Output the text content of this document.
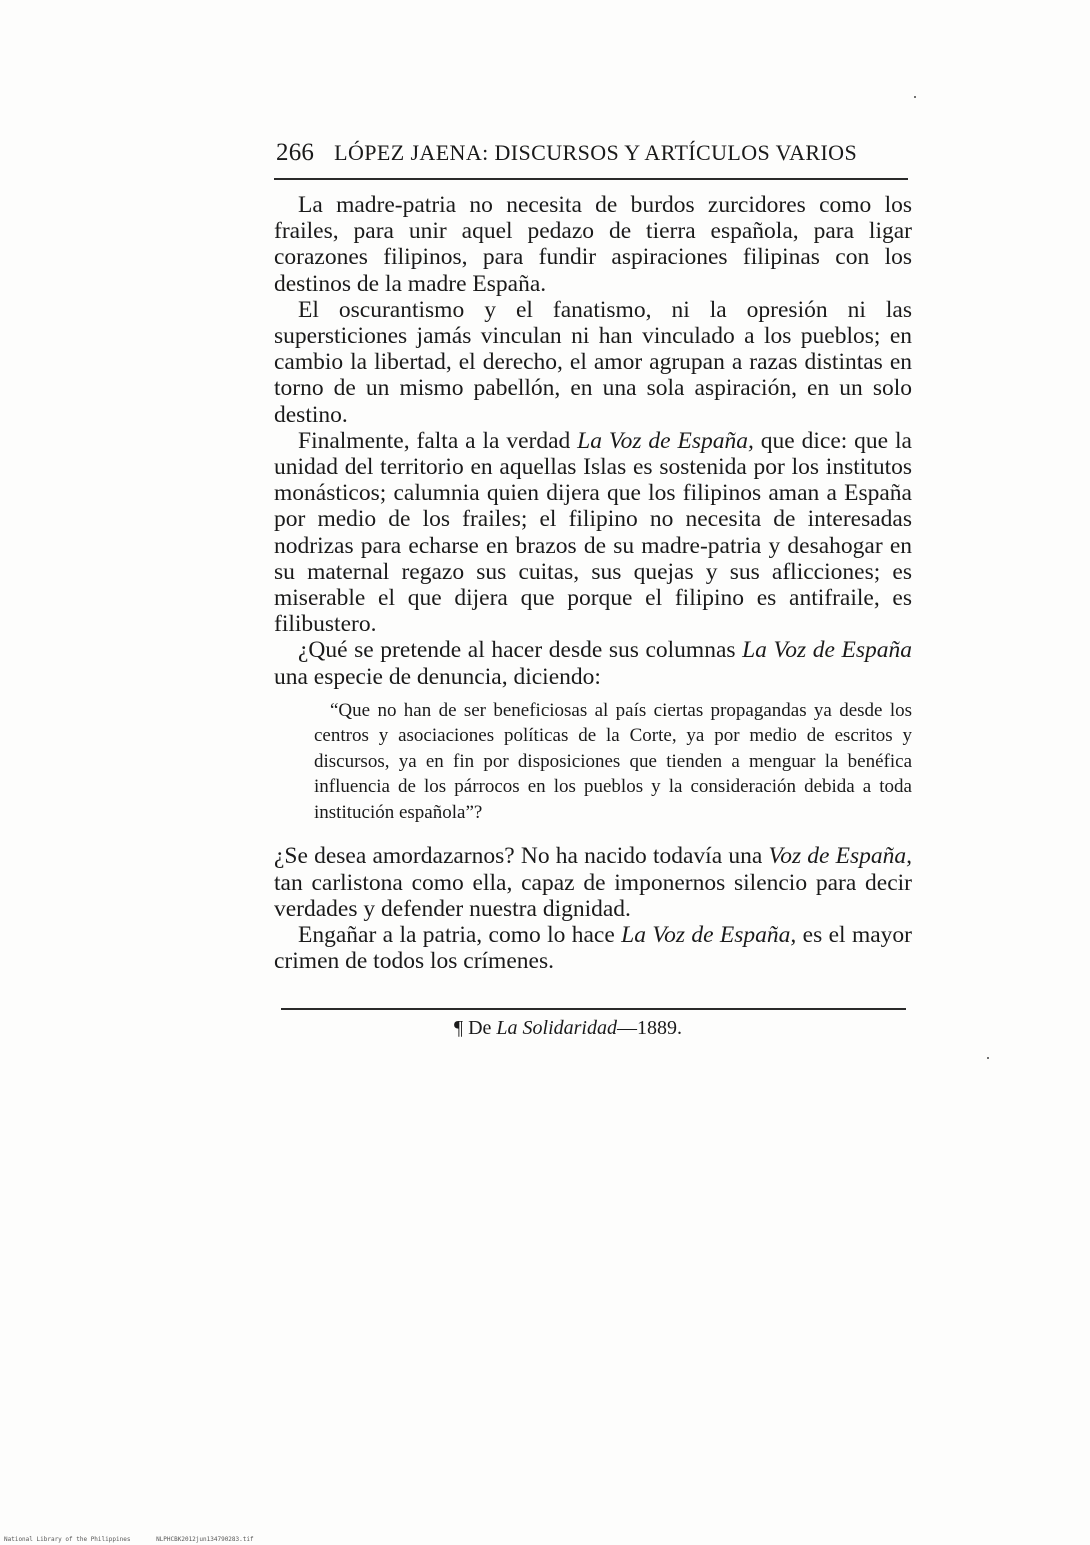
266 LÓPEZ JAENA: DISCURSOS Y ARTÍCULOS VARIOS

La madre-patria no necesita de burdos zurcidores como los frailes, para unir aquel pedazo de tierra española, para ligar corazones filipinos, para fundir aspiraciones filipinas con los destinos de la madre España.

El oscurantismo y el fanatismo, ni la opresión ni las supersticiones jamás vinculan ni han vinculado a los pueblos; en cambio la libertad, el derecho, el amor agrupan a razas distintas en torno de un mismo pabellón, en una sola aspiración, en un solo destino.

Finalmente, falta a la verdad La Voz de España, que dice: que la unidad del territorio en aquellas Islas es sostenida por los institutos monásticos; calumnia quien dijera que los filipinos aman a España por medio de los frailes; el filipino no necesita de interesadas nodrizas para echarse en brazos de su madre-patria y desahogar en su maternal regazo sus cuitas, sus quejas y sus aflicciones; es miserable el que dijera que porque el filipino es antifraile, es filibustero.

¿Qué se pretende al hacer desde sus columnas La Voz de España una especie de denuncia, diciendo:

“Que no han de ser beneficiosas al país ciertas propagandas ya desde los centros y asociaciones políticas de la Corte, ya por medio de escritos y discursos, ya en fin por disposiciones que tienden a menguar la benéfica influencia de los párrocos en los pueblos y la consideración debida a toda institución española”?

¿Se desea amordazarnos? No ha nacido todavía una Voz de España, tan carlistona como ella, capaz de imponernos silencio para decir verdades y defender nuestra dignidad.

Engañar a la patria, como lo hace La Voz de España, es el mayor crimen de todos los crímenes.

¶ De La Solidaridad—1889.
National Library of the Philippines	NLPHCBK2012jun134790283.tif
